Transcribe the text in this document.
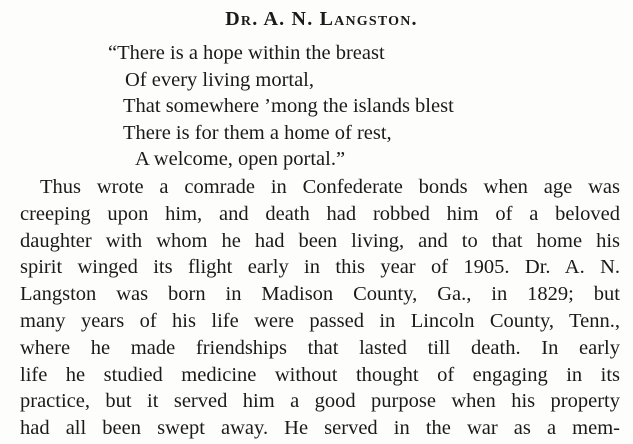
Dr. A. N. Langston.
“There is a hope within the breast
Of every living mortal,
That somewhere ’mong the islands blest
There is for them a home of rest,
A welcome, open portal.”
Thus wrote a comrade in Confederate bonds when age was
creeping upon him, and death had robbed him of a beloved
daughter with whom he had been living, and to that home his
spirit winged its flight early in this year of 1905. Dr. A. N.
Langston was born in Madison County, Ga., in 1829; but
many years of his life were passed in Lincoln County, Tenn.,
where he made friendships that lasted till death. In early
life he studied medicine without thought of engaging in its
practice, but it served him a good purpose when his property
had all been swept away. He served in the war as a mem-
